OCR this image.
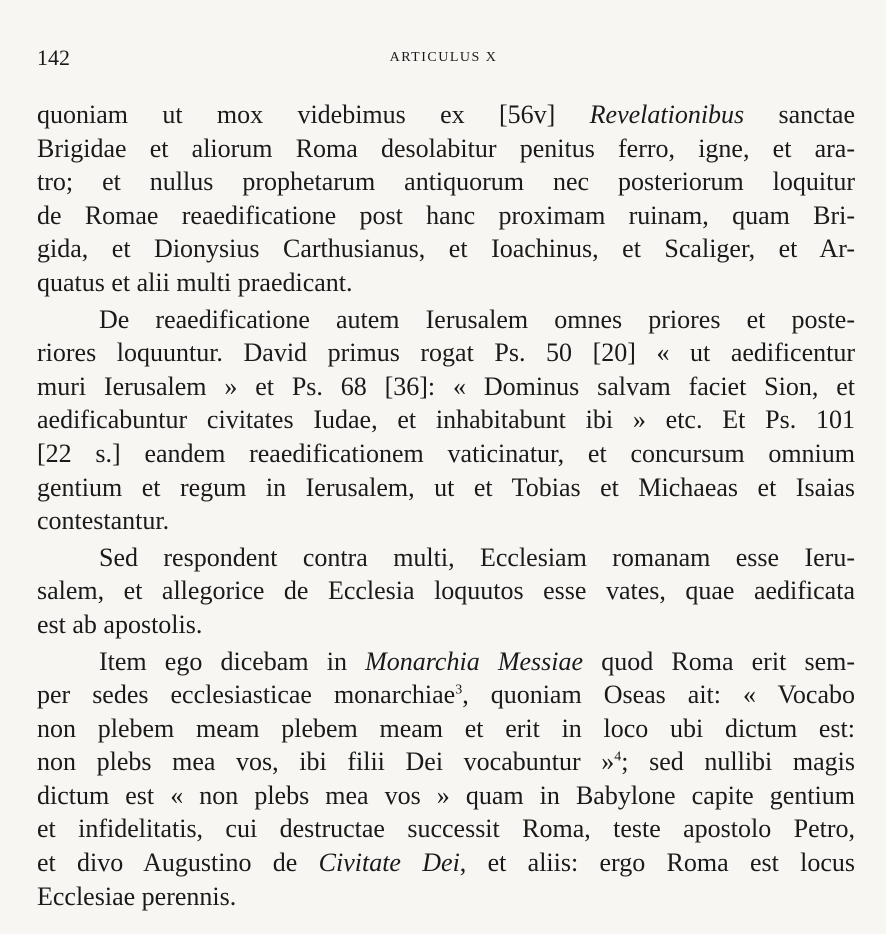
142	ARTICULUS X
quoniam ut mox videbimus ex [56v] Revelationibus sanctae
Brigidae et aliorum Roma desolabitur penitus ferro, igne, et ara-
tro; et nullus prophetarum antiquorum nec posteriorum loquitur
de Romae reaedificatione post hanc proximam ruinam, quam Bri-
gida, et Dionysius Carthusianus, et Ioachinus, et Scaliger, et Ar-
quatus et alii multi praedicant.
De reaedificatione autem Ierusalem omnes priores et poste-
riores loquuntur. David primus rogat Ps. 50 [20] « ut aedificentur
muri Ierusalem » et Ps. 68 [36]: « Dominus salvam faciet Sion, et
aedificabuntur civitates Iudae, et inhabitabunt ibi » etc. Et Ps. 101
[22 s.] eandem reaedificationem vaticinatur, et concursum omnium
gentium et regum in Ierusalem, ut et Tobias et Michaeas et Isaias
contestantur.
Sed respondent contra multi, Ecclesiam romanam esse Ieru-
salem, et allegorice de Ecclesia loquutos esse vates, quae aedificata
est ab apostolis.
Item ego dicebam in Monarchia Messiae quod Roma erit sem-
per sedes ecclesiasticae monarchiae$^3$, quoniam Oseas ait: « Vocabo
non plebem meam plebem meam et erit in loco ubi dictum est:
non plebs mea vos, ibi filii Dei vocabuntur »$^4$; sed nullibi magis
dictum est « non plebs mea vos » quam in Babylone capite gentium
et infidelitatis, cui destructae successit Roma, teste apostolo Petro,
et divo Augustino de Civitate Dei, et aliis: ergo Roma est locus
Ecclesiae perennis.
